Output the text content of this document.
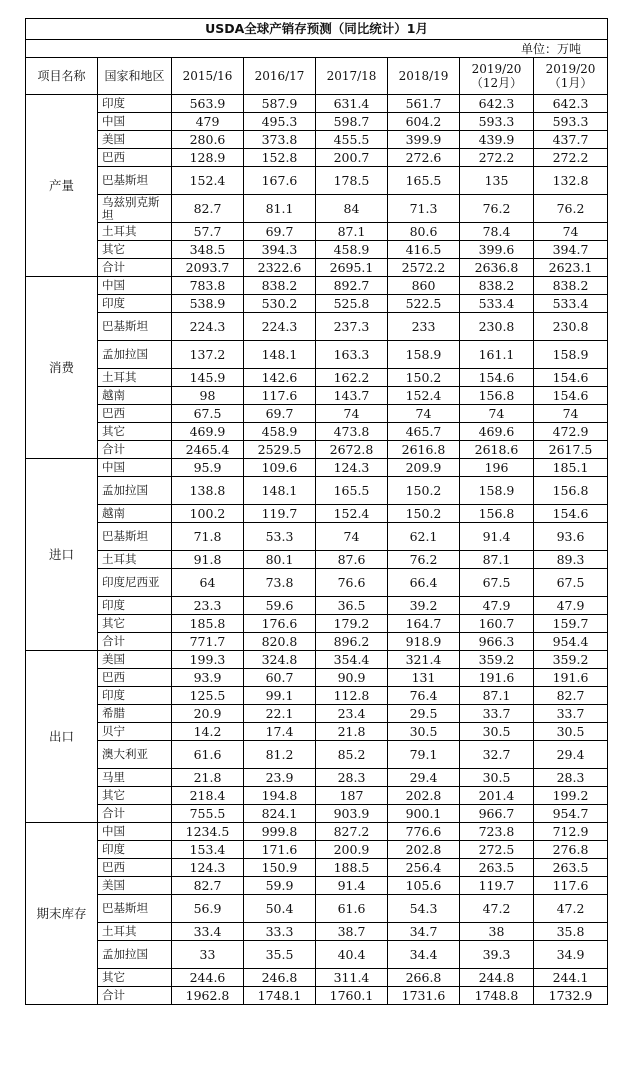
USDA全球产销存预测（同比统计）1月							
单位：万吨							
项目名称	国家和地区	2015/16	2016/17	2017/18	2018/19	2019/20（12月）	2019/20（1月）
产量	印度	563.9	587.9	631.4	561.7	642.3	642.3
	中国	479	495.3	598.7	604.2	593.3	593.3
	美国	280.6	373.8	455.5	399.9	439.9	437.7
	巴西	128.9	152.8	200.7	272.6	272.2	272.2
	巴基斯坦	152.4	167.6	178.5	165.5	135	132.8
	乌兹别克斯坦	82.7	81.1	84	71.3	76.2	76.2
	土耳其	57.7	69.7	87.1	80.6	78.4	74
	其它	348.5	394.3	458.9	416.5	399.6	394.7
	合计	2093.7	2322.6	2695.1	2572.2	2636.8	2623.1
消费	中国	783.8	838.2	892.7	860	838.2	838.2
	印度	538.9	530.2	525.8	522.5	533.4	533.4
	巴基斯坦	224.3	224.3	237.3	233	230.8	230.8
	孟加拉国	137.2	148.1	163.3	158.9	161.1	158.9
	土耳其	145.9	142.6	162.2	150.2	154.6	154.6
	越南	98	117.6	143.7	152.4	156.8	154.6
	巴西	67.5	69.7	74	74	74	74
	其它	469.9	458.9	473.8	465.7	469.6	472.9
	合计	2465.4	2529.5	2672.8	2616.8	2618.6	2617.5
进口	中国	95.9	109.6	124.3	209.9	196	185.1
	孟加拉国	138.8	148.1	165.5	150.2	158.9	156.8
	越南	100.2	119.7	152.4	150.2	156.8	154.6
	巴基斯坦	71.8	53.3	74	62.1	91.4	93.6
	土耳其	91.8	80.1	87.6	76.2	87.1	89.3
	印度尼西亚	64	73.8	76.6	66.4	67.5	67.5
	印度	23.3	59.6	36.5	39.2	47.9	47.9
	其它	185.8	176.6	179.2	164.7	160.7	159.7
	合计	771.7	820.8	896.2	918.9	966.3	954.4
出口	美国	199.3	324.8	354.4	321.4	359.2	359.2
	巴西	93.9	60.7	90.9	131	191.6	191.6
	印度	125.5	99.1	112.8	76.4	87.1	82.7
	希腊	20.9	22.1	23.4	29.5	33.7	33.7
	贝宁	14.2	17.4	21.8	30.5	30.5	30.5
	澳大利亚	61.6	81.2	85.2	79.1	32.7	29.4
	马里	21.8	23.9	28.3	29.4	30.5	28.3
	其它	218.4	194.8	187	202.8	201.4	199.2
	合计	755.5	824.1	903.9	900.1	966.7	954.7
期末库存	中国	1234.5	999.8	827.2	776.6	723.8	712.9
	印度	153.4	171.6	200.9	202.8	272.5	276.8
	巴西	124.3	150.9	188.5	256.4	263.5	263.5
	美国	82.7	59.9	91.4	105.6	119.7	117.6
	巴基斯坦	56.9	50.4	61.6	54.3	47.2	47.2
	土耳其	33.4	33.3	38.7	34.7	38	35.8
	孟加拉国	33	35.5	40.4	34.4	39.3	34.9
	其它	244.6	246.8	311.4	266.8	244.8	244.1
	合计	1962.8	1748.1	1760.1	1731.6	1748.8	1732.9
